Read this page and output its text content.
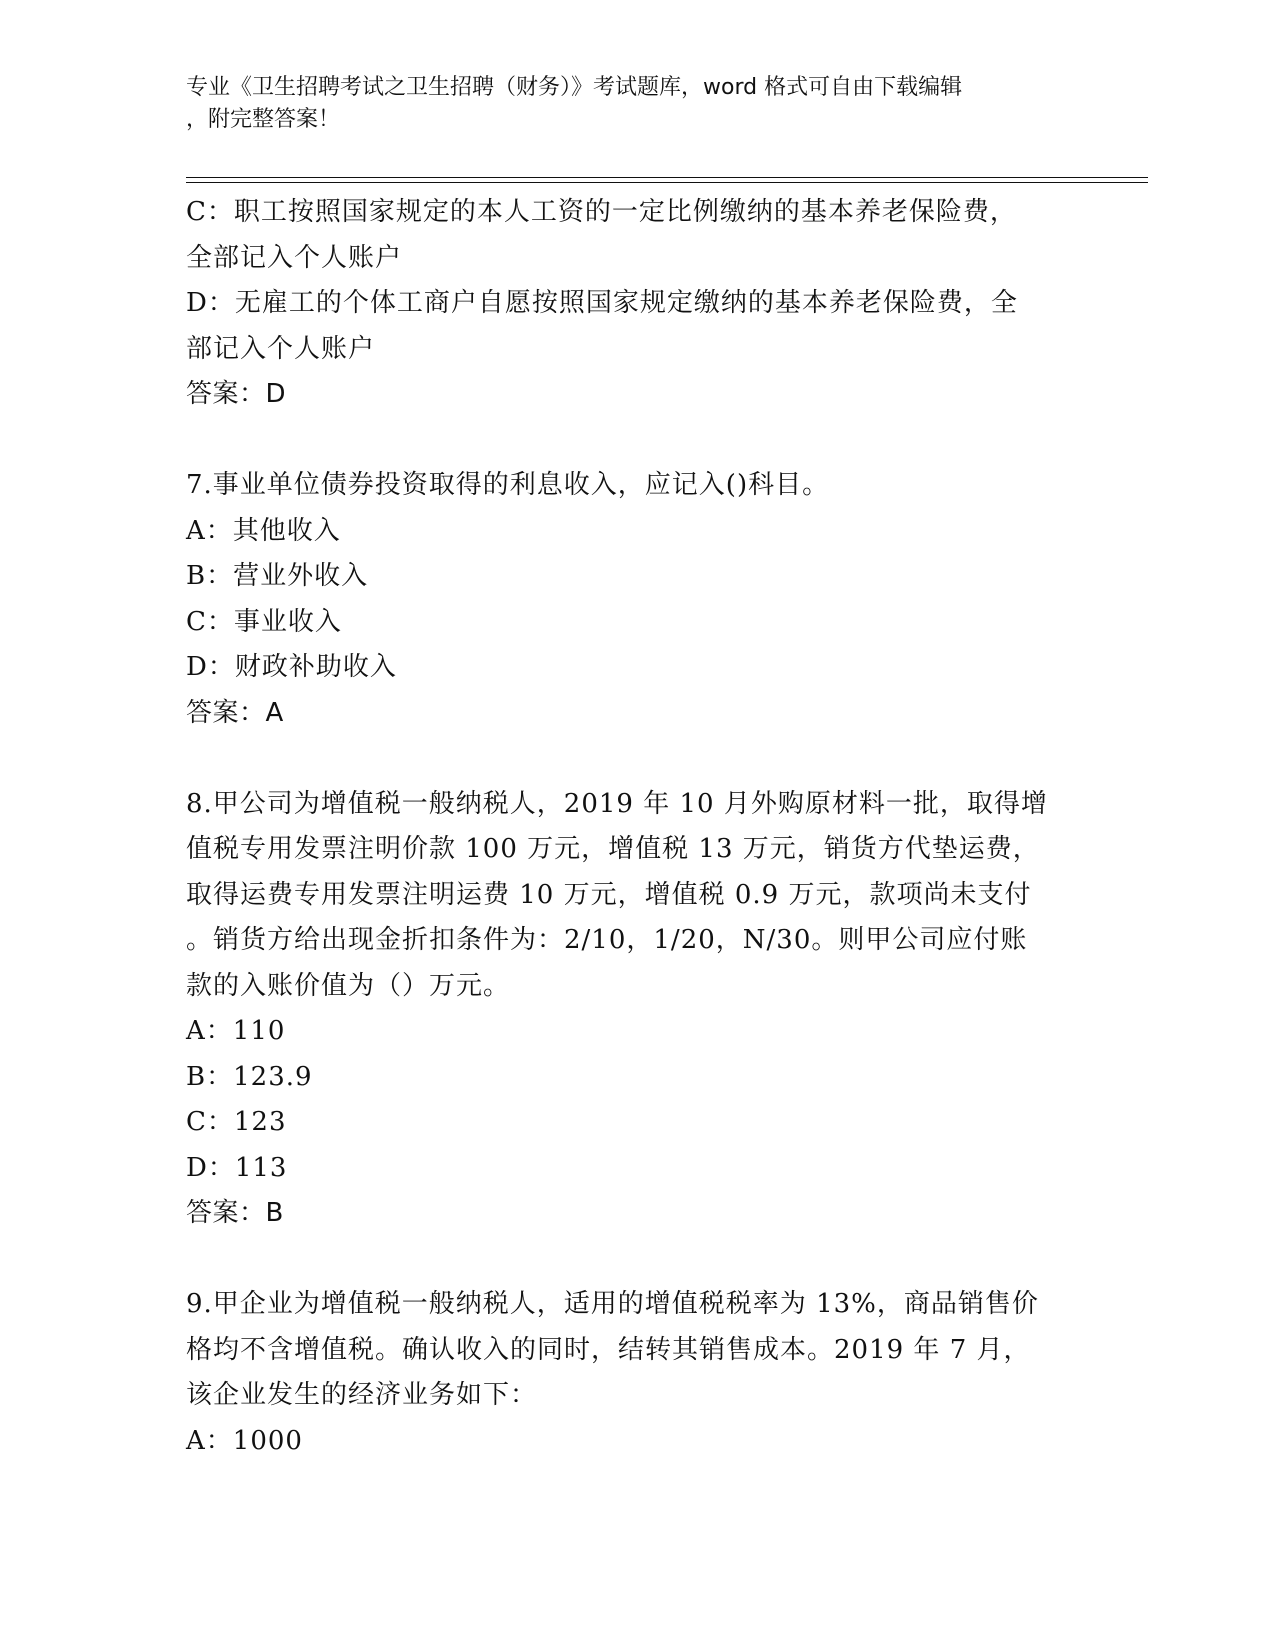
专业《卫生招聘考试之卫生招聘（财务）》考试题库，word 格式可自由下载编辑
，附完整答案！
C：职工按照国家规定的本人工资的一定比例缴纳的基本养老保险费，
全部记入个人账户
D：无雇工的个体工商户自愿按照国家规定缴纳的基本养老保险费，全
部记入个人账户
答案：D
7.事业单位债券投资取得的利息收入，应记入()科目。
A：其他收入
B：营业外收入
C：事业收入
D：财政补助收入
答案：A
8.甲公司为增值税一般纳税人，2019 年 10 月外购原材料一批，取得增
值税专用发票注明价款 100 万元，增值税 13 万元，销货方代垫运费，
取得运费专用发票注明运费 10 万元，增值税 0.9 万元，款项尚未支付
。销货方给出现金折扣条件为：2/10，1/20，N/30。则甲公司应付账
款的入账价值为（）万元。
A：110
B：123.9
C：123
D：113
答案：B
9.甲企业为增值税一般纳税人，适用的增值税税率为 13%，商品销售价
格均不含增值税。确认收入的同时，结转其销售成本。2019 年 7 月，
该企业发生的经济业务如下：
A：1000
